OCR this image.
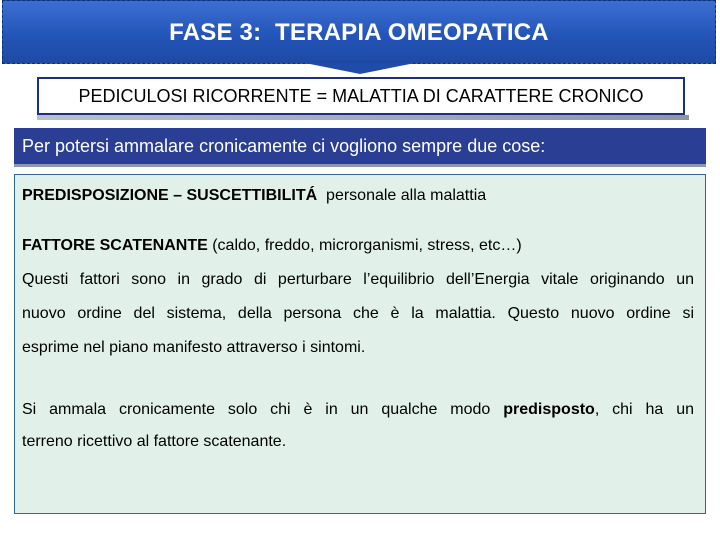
FASE 3:  TERAPIA OMEOPATICA
PEDICULOSI RICORRENTE = MALATTIA DI CARATTERE CRONICO
Per potersi ammalare cronicamente ci vogliono sempre due cose:
PREDISPOSIZIONE – SUSCETTIBILITÁ  personale alla malattia
FATTORE SCATENANTE (caldo, freddo, microrganismi, stress, etc…)
Questi fattori sono in grado di perturbare l’equilibrio dell’Energia vitale originando un
nuovo ordine del sistema, della persona che è la malattia. Questo nuovo ordine si
esprime nel piano manifesto attraverso i sintomi.
Si ammala cronicamente solo chi è in un qualche modo predisposto, chi ha un
terreno ricettivo al fattore scatenante.
